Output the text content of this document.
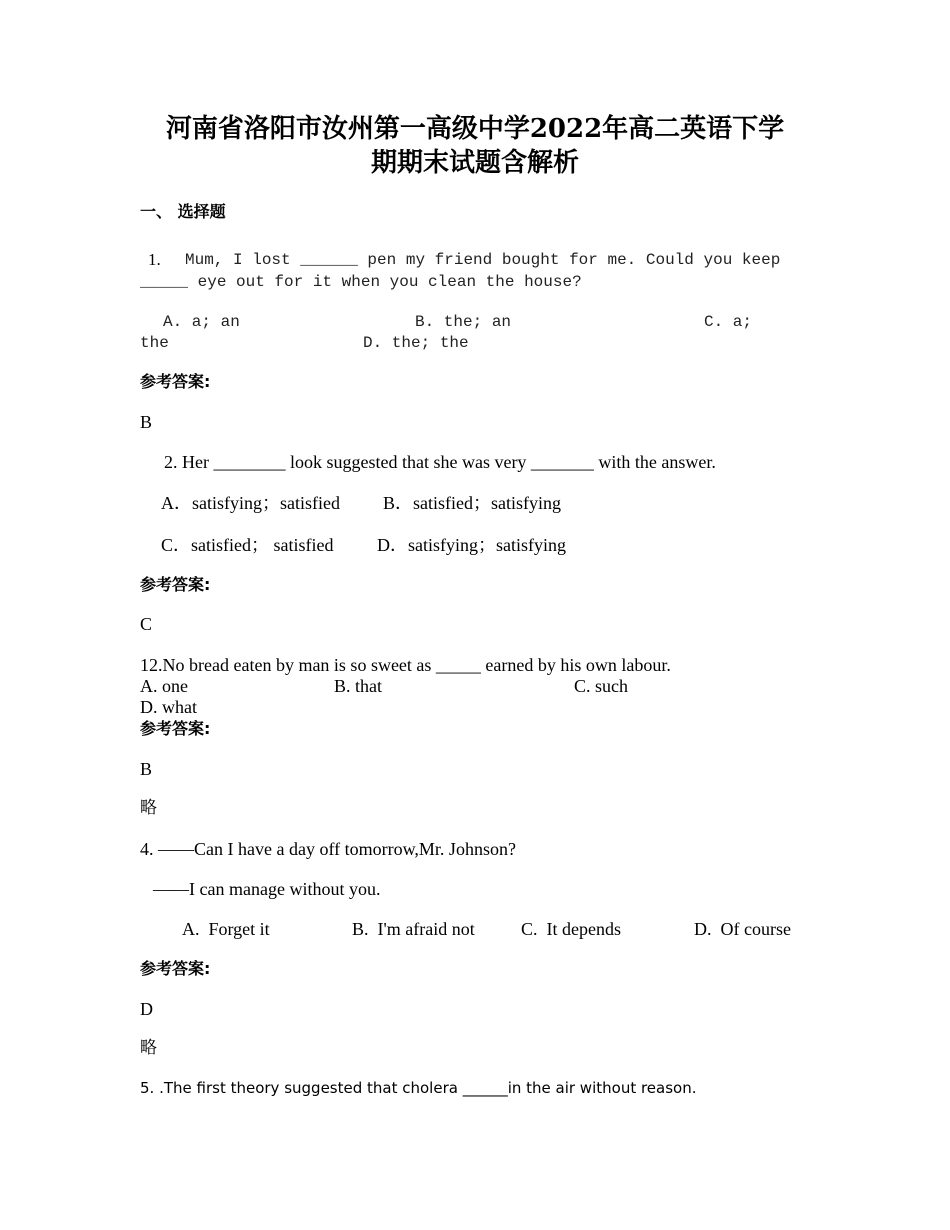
河南省洛阳市汝州第一高级中学2022年高二英语下学
期期末试题含解析
一、 选择题
1. Mum, I lost ______ pen my friend bought for me. Could you keep
_____ eye out for it when you clean the house?
A. a; an	B. the; an	C. a;
the	D. the; the
参考答案:
B
2. Her ________ look suggested that she was very _______ with the answer.
A．satisfying；satisfied B．satisfied；satisfying
C．satisfied； satisfied D．satisfying；satisfying
参考答案:
C
12.No bread eaten by man is so sweet as _____ earned by his own labour.
A. one	B. that	C. such
D. what
参考答案:
B
略
4. ——Can I have a day off tomorrow,Mr. Johnson?
——I can manage without you.
A.  Forget it	B.  I'm afraid not	C.  It depends	D.  Of course
参考答案:
D
略
5. .The first theory suggested that cholera ______in the air without reason.
